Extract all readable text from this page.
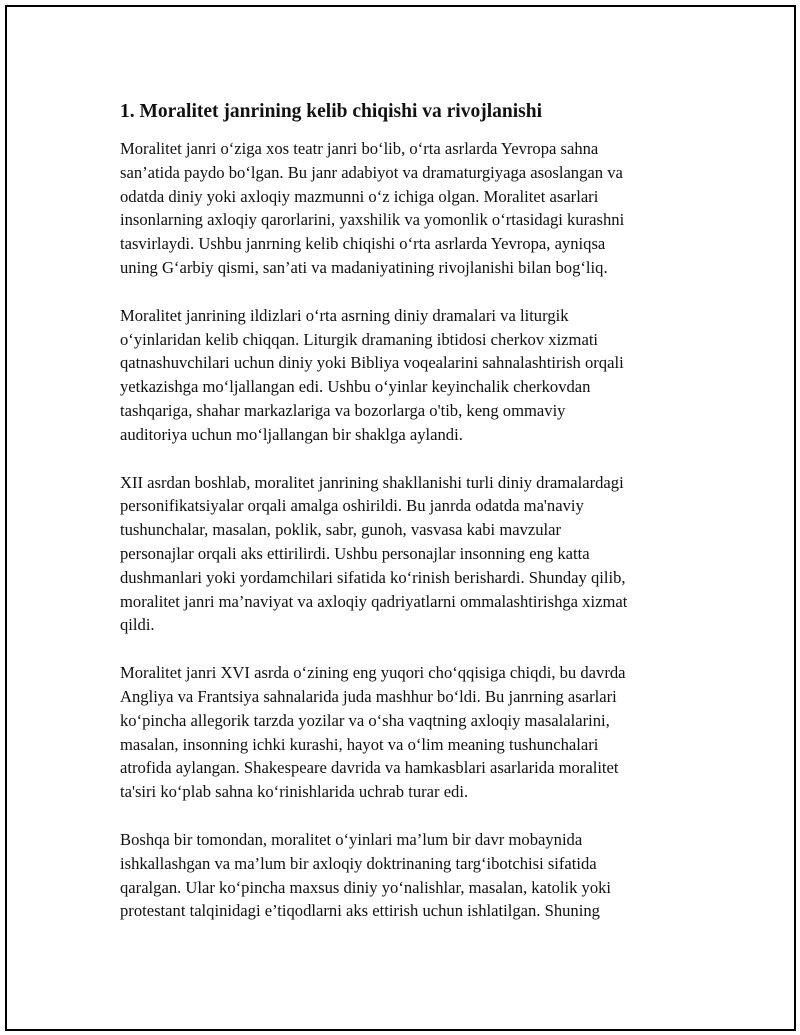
1. Moralitet janrining kelib chiqishi va rivojlanishi
Moralitet janri o‘ziga xos teatr janri bo‘lib, o‘rta asrlarda Yevropa sahna
san’atida paydo bo‘lgan. Bu janr adabiyot va dramaturgiyaga asoslangan va
odatda diniy yoki axloqiy mazmunni o‘z ichiga olgan. Moralitet asarlari
insonlarning axloqiy qarorlarini, yaxshilik va yomonlik o‘rtasidagi kurashni
tasvirlaydi. Ushbu janrning kelib chiqishi o‘rta asrlarda Yevropa, ayniqsa
uning G‘arbiy qismi, san’ati va madaniyatining rivojlanishi bilan bog‘liq.
Moralitet janrining ildizlari o‘rta asrning diniy dramalari va liturgik
o‘yinlaridan kelib chiqqan. Liturgik dramaning ibtidosi cherkov xizmati
qatnashuvchilari uchun diniy yoki Bibliya voqealarini sahnalashtirish orqali
yetkazishga mo‘ljallangan edi. Ushbu o‘yinlar keyinchalik cherkovdan
tashqariga, shahar markazlariga va bozorlarga o'tib, keng ommaviy
auditoriya uchun mo‘ljallangan bir shaklga aylandi.
XII asrdan boshlab, moralitet janrining shakllanishi turli diniy dramalardagi
personifikatsiyalar orqali amalga oshirildi. Bu janrda odatda ma'naviy
tushunchalar, masalan, poklik, sabr, gunoh, vasvasa kabi mavzular
personajlar orqali aks ettirilirdi. Ushbu personajlar insonning eng katta
dushmanlari yoki yordamchilari sifatida ko‘rinish berishardi. Shunday qilib,
moralitet janri ma’naviyat va axloqiy qadriyatlarni ommalashtirishga xizmat
qildi.
Moralitet janri XVI asrda o‘zining eng yuqori cho‘qqisiga chiqdi, bu davrda
Angliya va Frantsiya sahnalarida juda mashhur bo‘ldi. Bu janrning asarlari
ko‘pincha allegorik tarzda yozilar va o‘sha vaqtning axloqiy masalalarini,
masalan, insonning ichki kurashi, hayot va o‘lim meaning tushunchalari
atrofida aylangan. Shakespeare davrida va hamkasblari asarlarida moralitet
ta'siri ko‘plab sahna ko‘rinishlarida uchrab turar edi.
Boshqa bir tomondan, moralitet o‘yinlari ma’lum bir davr mobaynida
ishkallashgan va ma’lum bir axloqiy doktrinaning targ‘ibotchisi sifatida
qaralgan. Ular ko‘pincha maxsus diniy yo‘nalishlar, masalan, katolik yoki
protestant talqinidagi e’tiqodlarni aks ettirish uchun ishlatilgan. Shuning
